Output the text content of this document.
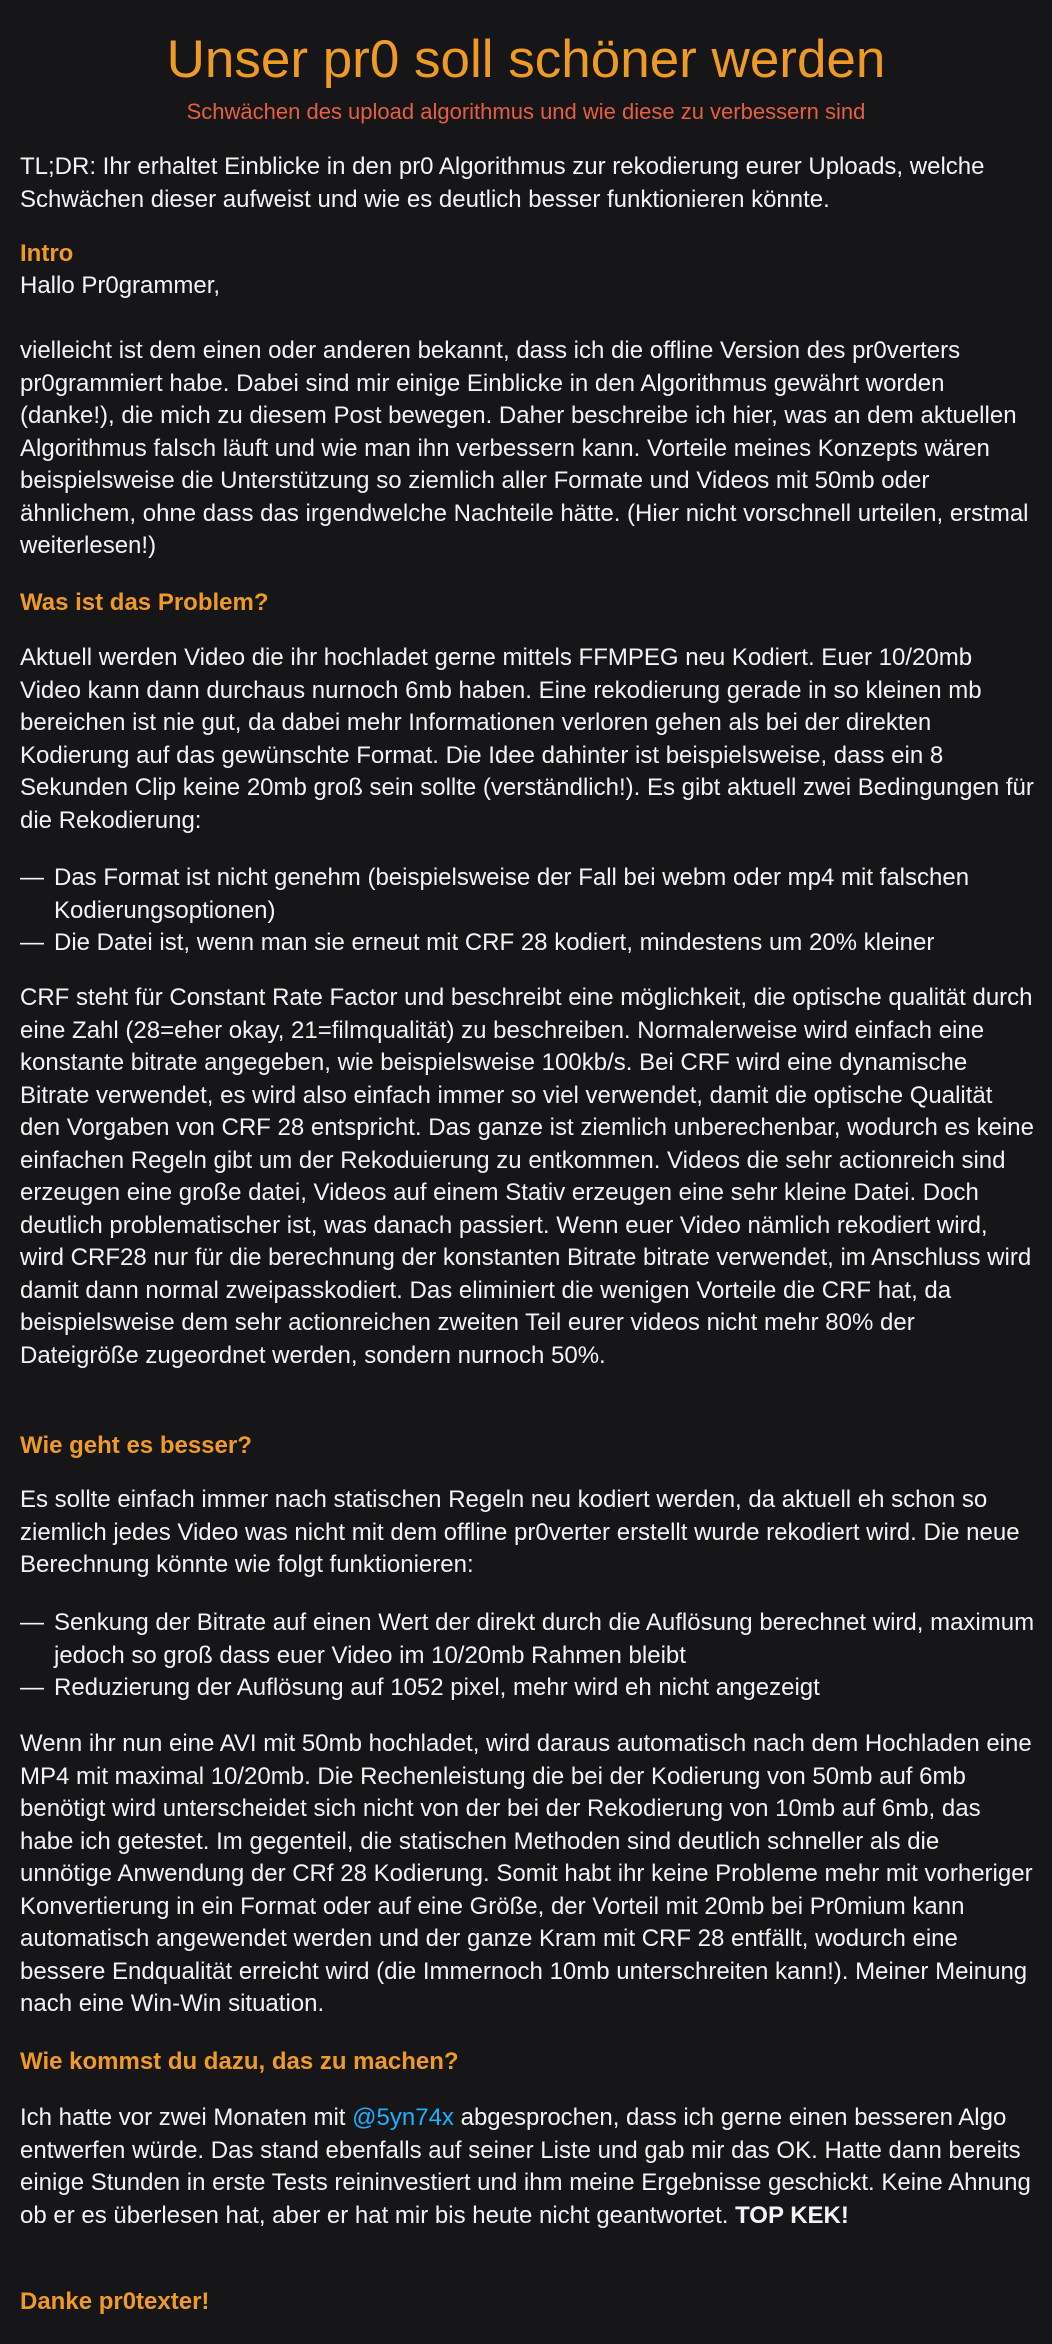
Unser pr0 soll schöner werden

Schwächen des upload algorithmus und wie diese zu verbessern sind

TL;DR: Ihr erhaltet Einblicke in den pr0 Algorithmus zur rekodierung eurer Uploads, welche Schwächen dieser aufweist und wie es deutlich besser funktionieren könnte.

Intro

Hallo Pr0grammer,

vielleicht ist dem einen oder anderen bekannt, dass ich die offline Version des pr0verters pr0grammiert habe. Dabei sind mir einige Einblicke in den Algorithmus gewährt worden (danke!), die mich zu diesem Post bewegen. Daher beschreibe ich hier, was an dem aktuellen Algorithmus falsch läuft und wie man ihn verbessern kann. Vorteile meines Konzepts wären beispielsweise die Unterstützung so ziemlich aller Formate und Videos mit 50mb oder ähnlichem, ohne dass das irgendwelche Nachteile hätte. (Hier nicht vorschnell urteilen, erstmal weiterlesen!)

Was ist das Problem?

Aktuell werden Video die ihr hochladet gerne mittels FFMPEG neu Kodiert. Euer 10/20mb Video kann dann durchaus nurnoch 6mb haben. Eine rekodierung gerade in so kleinen mb bereichen ist nie gut, da dabei mehr Informationen verloren gehen als bei der direkten Kodierung auf das gewünschte Format. Die Idee dahinter ist beispielsweise, dass ein 8 Sekunden Clip keine 20mb groß sein sollte (verständlich!). Es gibt aktuell zwei Bedingungen für die Rekodierung:

— Das Format ist nicht genehm (beispielsweise der Fall bei webm oder mp4 mit falschen Kodierungsoptionen)
— Die Datei ist, wenn man sie erneut mit CRF 28 kodiert, mindestens um 20% kleiner

CRF steht für Constant Rate Factor und beschreibt eine möglichkeit, die optische qualität durch eine Zahl (28=eher okay, 21=filmqualität) zu beschreiben. Normalerweise wird einfach eine konstante bitrate angegeben, wie beispielsweise 100kb/s. Bei CRF wird eine dynamische Bitrate verwendet, es wird also einfach immer so viel verwendet, damit die optische Qualität den Vorgaben von CRF 28 entspricht. Das ganze ist ziemlich unberechenbar, wodurch es keine einfachen Regeln gibt um der Rekoduierung zu entkommen. Videos die sehr actionreich sind erzeugen eine große datei, Videos auf einem Stativ erzeugen eine sehr kleine Datei. Doch deutlich problematischer ist, was danach passiert. Wenn euer Video nämlich rekodiert wird, wird CRF28 nur für die berechnung der konstanten Bitrate bitrate verwendet, im Anschluss wird damit dann normal zweipasskodiert. Das eliminiert die wenigen Vorteile die CRF hat, da beispielsweise dem sehr actionreichen zweiten Teil eurer videos nicht mehr 80% der Dateigröße zugeordnet werden, sondern nurnoch 50%.

Wie geht es besser?

Es sollte einfach immer nach statischen Regeln neu kodiert werden, da aktuell eh schon so ziemlich jedes Video was nicht mit dem offline pr0verter erstellt wurde rekodiert wird. Die neue Berechnung könnte wie folgt funktionieren:

— Senkung der Bitrate auf einen Wert der direkt durch die Auflösung berechnet wird, maximum jedoch so groß dass euer Video im 10/20mb Rahmen bleibt
— Reduzierung der Auflösung auf 1052 pixel, mehr wird eh nicht angezeigt

Wenn ihr nun eine AVI mit 50mb hochladet, wird daraus automatisch nach dem Hochladen eine MP4 mit maximal 10/20mb. Die Rechenleistung die bei der Kodierung von 50mb auf 6mb benötigt wird unterscheidet sich nicht von der bei der Rekodierung von 10mb auf 6mb, das habe ich getestet. Im gegenteil, die statischen Methoden sind deutlich schneller als die unnötige Anwendung der CRf 28 Kodierung. Somit habt ihr keine Probleme mehr mit vorheriger Konvertierung in ein Format oder auf eine Größe, der Vorteil mit 20mb bei Pr0mium kann automatisch angewendet werden und der ganze Kram mit CRF 28 entfällt, wodurch eine bessere Endqualität erreicht wird (die Immernoch 10mb unterschreiten kann!). Meiner Meinung nach eine Win-Win situation.

Wie kommst du dazu, das zu machen?

Ich hatte vor zwei Monaten mit @5yn74x abgesprochen, dass ich gerne einen besseren Algo entwerfen würde. Das stand ebenfalls auf seiner Liste und gab mir das OK. Hatte dann bereits einige Stunden in erste Tests reininvestiert und ihm meine Ergebnisse geschickt. Keine Ahnung ob er es überlesen hat, aber er hat mir bis heute nicht geantwortet. TOP KEK!

Danke pr0texter!
